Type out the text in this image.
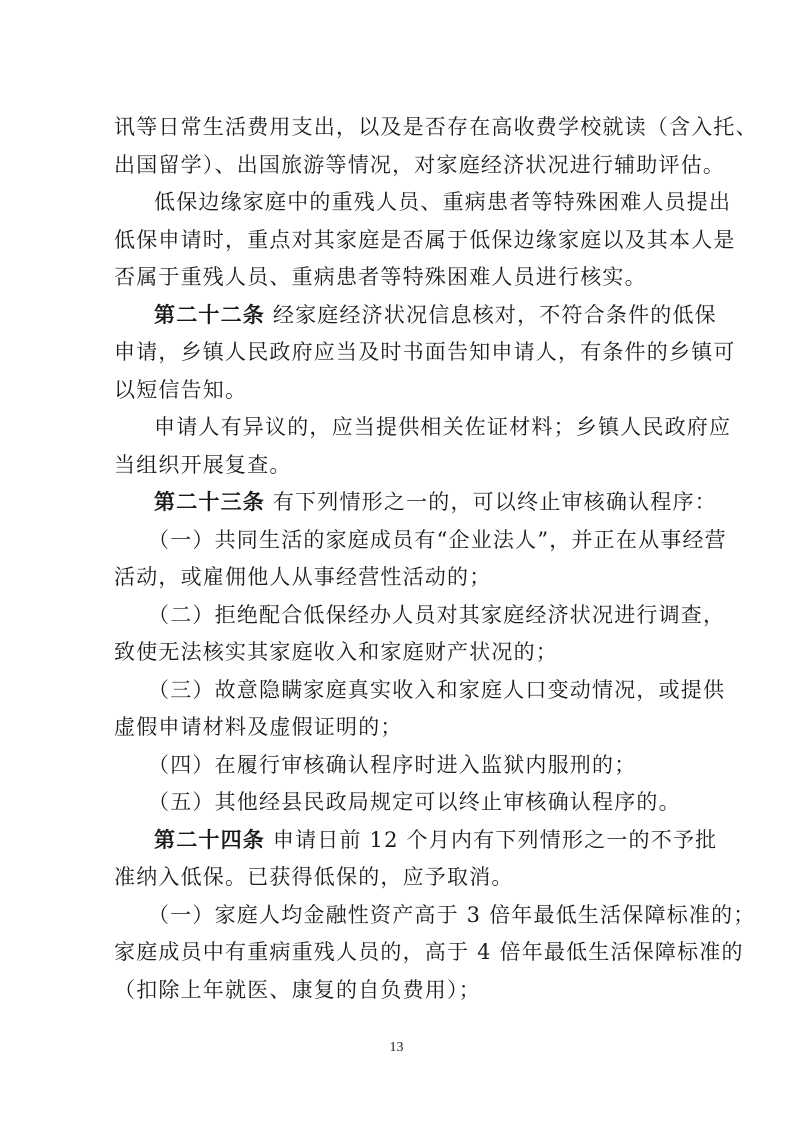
讯等日常生活费用支出，以及是否存在高收费学校就读（含入托、
出国留学）、出国旅游等情况，对家庭经济状况进行辅助评估。
低保边缘家庭中的重残人员、重病患者等特殊困难人员提出
低保申请时，重点对其家庭是否属于低保边缘家庭以及其本人是
否属于重残人员、重病患者等特殊困难人员进行核实。
第二十二条 经家庭经济状况信息核对，不符合条件的低保
申请，乡镇人民政府应当及时书面告知申请人，有条件的乡镇可
以短信告知。
申请人有异议的，应当提供相关佐证材料；乡镇人民政府应
当组织开展复查。
第二十三条 有下列情形之一的，可以终止审核确认程序：
（一）共同生活的家庭成员有“企业法人”，并正在从事经营
活动，或雇佣他人从事经营性活动的；
（二）拒绝配合低保经办人员对其家庭经济状况进行调查，
致使无法核实其家庭收入和家庭财产状况的；
（三）故意隐瞒家庭真实收入和家庭人口变动情况，或提供
虚假申请材料及虚假证明的；
（四）在履行审核确认程序时进入监狱内服刑的；
（五）其他经县民政局规定可以终止审核确认程序的。
第二十四条 申请日前 12 个月内有下列情形之一的不予批
准纳入低保。已获得低保的，应予取消。
13
（一）家庭人均金融性资产高于 3 倍年最低生活保障标准的；
家庭成员中有重病重残人员的，高于 4 倍年最低生活保障标准的
（扣除上年就医、康复的自负费用）；
